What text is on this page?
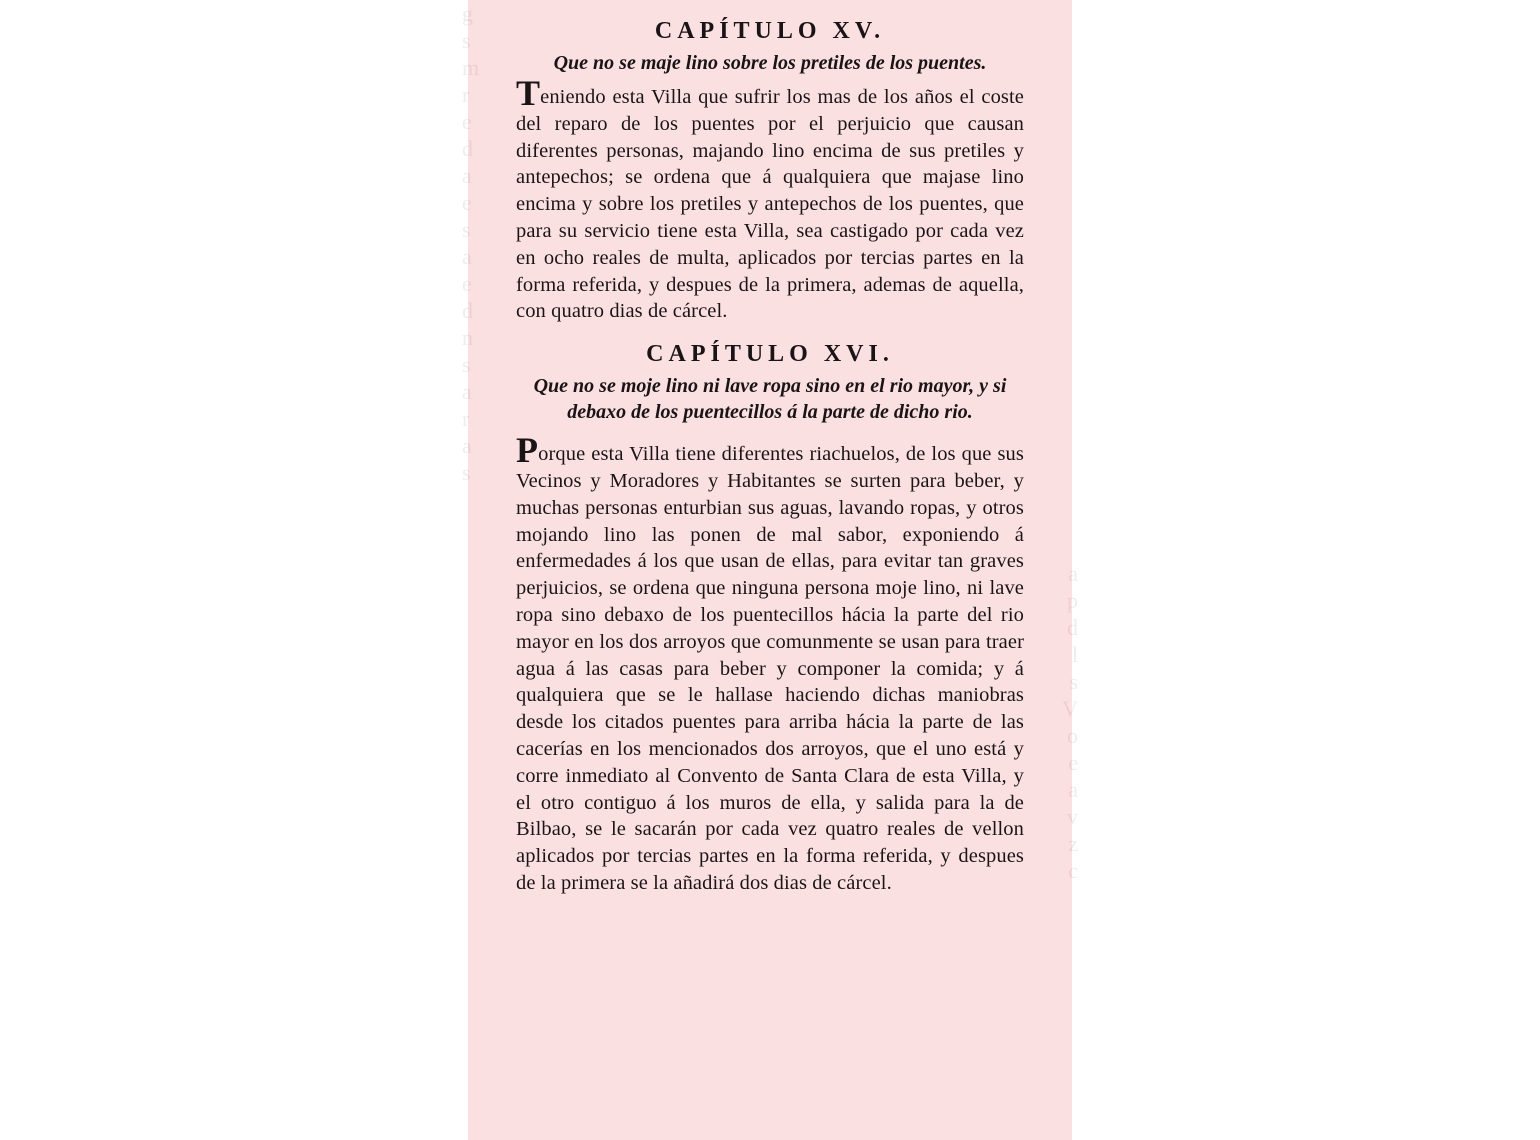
g
s
m
r
e
d
a
e
s
a
e
d
n
s
a
r
a
s
a
p
d
l
s
V
o
e
a
v
z
c
CAPÍTULO XV.
Que no se maje lino sobre los pretiles de los puentes.

Teniendo esta Villa que sufrir los mas de los años el coste del reparo de los puentes por el perjuicio que causan diferentes personas, majando lino encima de sus pretiles y antepechos; se ordena que á qualquiera que majase lino encima y sobre los pretiles y antepechos de los puentes, que para su servicio tiene esta Villa, sea castigado por cada vez en ocho reales de multa, aplicados por tercias partes en la forma referida, y despues de la primera, ademas de aquella, con quatro dias de cárcel.

CAPÍTULO XVI.
Que no se moje lino ni lave ropa sino en el rio mayor, y si debaxo de los puentecillos á la parte de dicho rio.

Porque esta Villa tiene diferentes riachuelos, de los que sus Vecinos y Moradores y Habitantes se surten para beber, y muchas personas enturbian sus aguas, lavando ropas, y otros mojando lino las ponen de mal sabor, exponiendo á enfermedades á los que usan de ellas, para evitar tan graves perjuicios, se ordena que ninguna persona moje lino, ni lave ropa sino debaxo de los puentecillos hácia la parte del rio mayor en los dos arroyos que comunmente se usan para traer agua á las casas para beber y componer la comida; y á qualquiera que se le hallase haciendo dichas maniobras desde los citados puentes para arriba hácia la parte de las cacerías en los mencionados dos arroyos, que el uno está y corre inmediato al Convento de Santa Clara de esta Villa, y el otro contiguo á los muros de ella, y salida para la de Bilbao, se le sacarán por cada vez quatro reales de vellon aplicados por tercias partes en la forma referida, y despues de la primera se la añadirá dos dias de cárcel.
